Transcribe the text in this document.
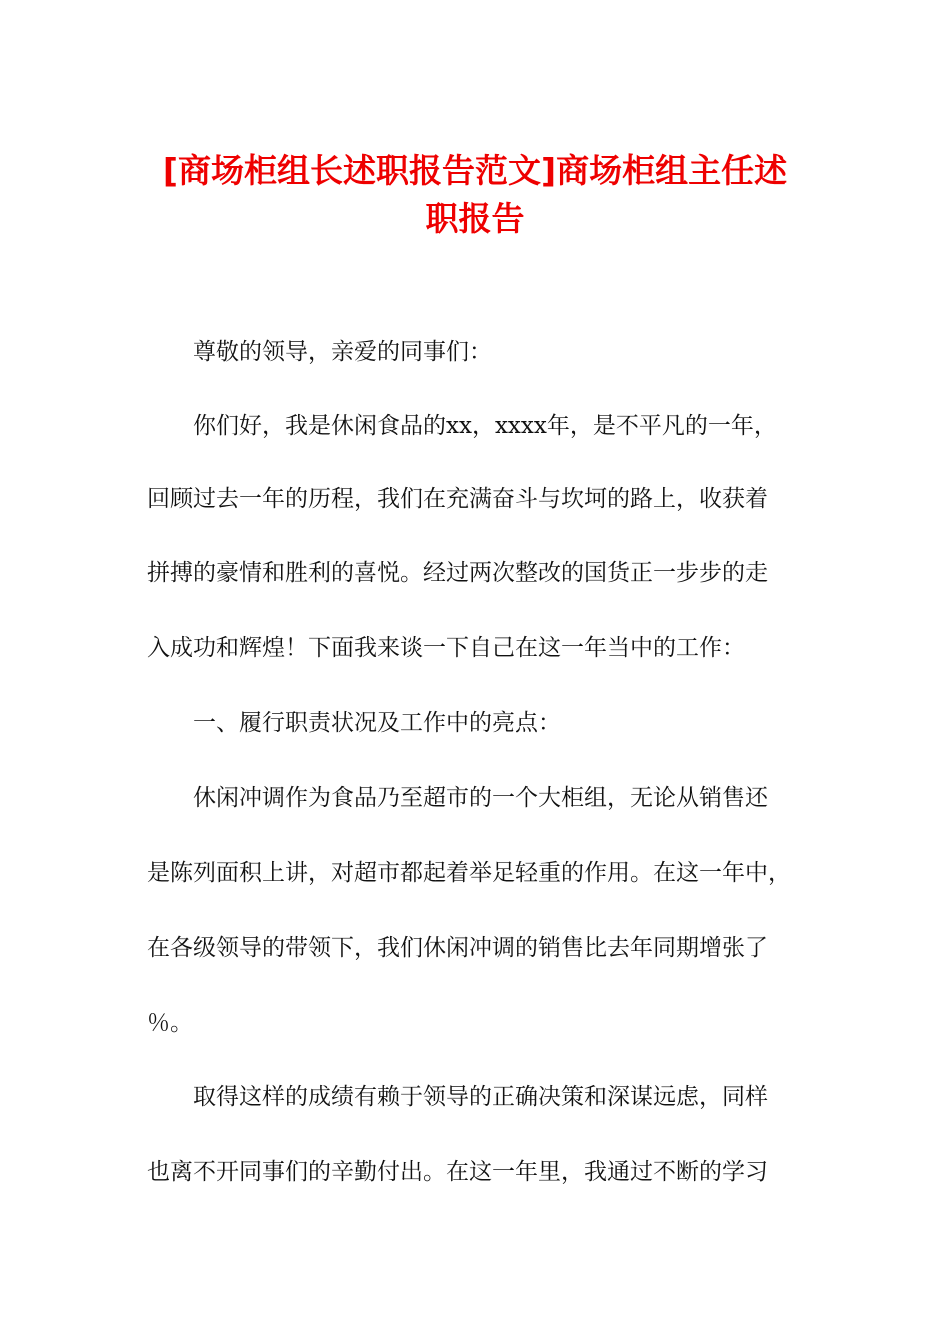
[商场柜组长述职报告范文]商场柜组主任述
职报告

尊敬的领导，亲爱的同事们：

你们好，我是休闲食品的xx，xxxx年，是不平凡的一年，

回顾过去一年的历程，我们在充满奋斗与坎坷的路上，收获着

拼搏的豪情和胜利的喜悦。经过两次整改的国货正一步步的走

入成功和辉煌！下面我来谈一下自己在这一年当中的工作：

一、履行职责状况及工作中的亮点：

休闲冲调作为食品乃至超市的一个大柜组，无论从销售还

是陈列面积上讲，对超市都起着举足轻重的作用。在这一年中，

在各级领导的带领下，我们休闲冲调的销售比去年同期增张了

％。

取得这样的成绩有赖于领导的正确决策和深谋远虑，同样

也离不开同事们的辛勤付出。在这一年里，我通过不断的学习
